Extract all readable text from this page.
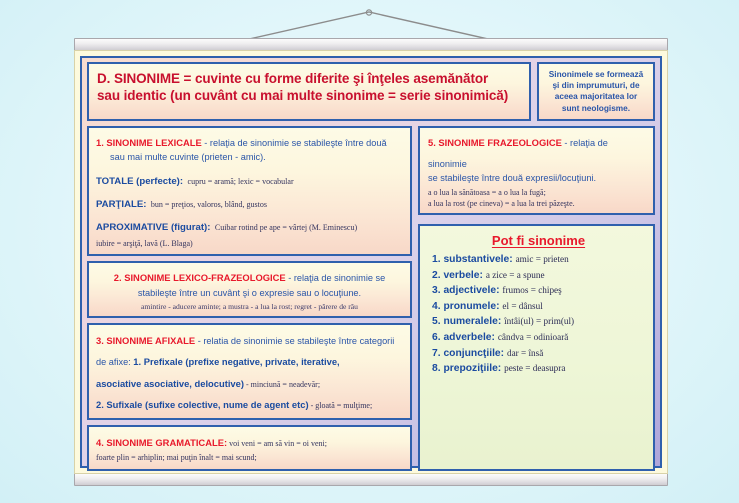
D. SINONIME = cuvinte cu forme diferite şi înţeles asemănător
sau identic (un cuvânt cu mai multe sinonime = serie sinonimică)
Sinonimele se formează
şi din imprumuturi, de
aceea majoritatea lor
sunt neologisme.
1. SINONIME LEXICALE - relaţia de sinonimie se stabileşte între două
sau mai multe cuvinte (prieten - amic).
TOTALE (perfecte): cupru = aramă; lexic = vocabular
PARŢIALE: bun = preţios, valoros, blând, gustos
APROXIMATIVE (figurat): Cuibar rotind pe ape = vârtej (M. Eminescu)
iubire = arşiţă, lavă (L. Blaga)
2. SINONIME LEXICO-FRAZEOLOGICE - relaţia de sinonimie se
stabileşte între un cuvânt şi o expresie sau o locuţiune.
amintire - aducere aminte; a mustra - a lua la rost; regret - părere de rău
3. SINONIME AFIXALE - relatia de sinonimie se stabileşte între categorii
de afixe: 1. Prefixale (prefixe negative, private, iterative,
asociative asociative, delocutive) - minciună = neadevăr;
2. Sufixale (sufixe colective, nume de agent etc) - gloată = mulţime;
4. SINONIME GRAMATICALE: voi veni = am să vin = oi veni;
foarte plin = arhiplin; mai puţin înalt = mai scund;
5. SINONIME FRAZEOLOGICE - relaţia de sinonimie
se stabileşte între două expresii/locuţiuni.
a o lua la sănătoasa = a o lua la fugă;
a lua la rost (pe cineva) = a lua la trei păzeşte.
Pot fi sinonime
1. substantivele: amic = prieten
2. verbele: a zice = a spune
3. adjectivele: frumos = chipeş
4. pronumele: el = dânsul
5. numeralele: întâi(ul) = prim(ul)
6. adverbele: cândva = odinioară
7. conjuncţiile: dar = însă
8. prepoziţiile: peste = deasupra
